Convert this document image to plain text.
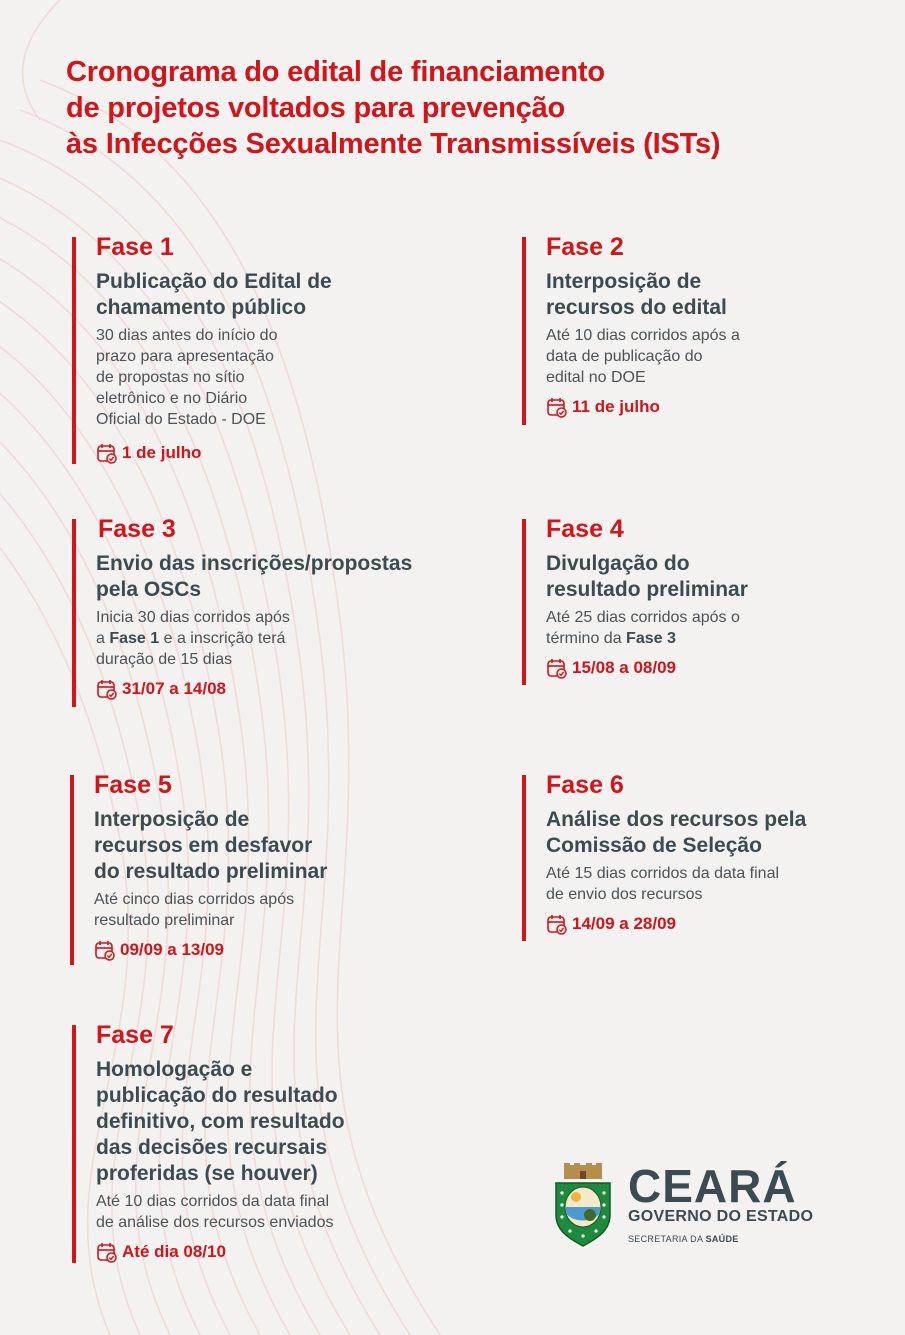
Cronograma do edital de financiamento
de projetos voltados para prevenção
às Infecções Sexualmente Transmissíveis (ISTs)
Fase 1
Publicação do Edital de
chamamento público
30 dias antes do início do
prazo para apresentação
de propostas no sítio
eletrônico e no Diário
Oficial do Estado - DOE
1 de julho
Fase 2
Interposição de
recursos do edital
Até 10 dias corridos após a
data de publicação do
edital no DOE
11 de julho
Fase 3
Envio das inscrições/propostas
pela OSCs
Inicia 30 dias corridos após
a Fase 1 e a inscrição terá
duração de 15 dias
31/07 a 14/08
Fase 4
Divulgação do
resultado preliminar
Até 25 dias corridos após o
término da Fase 3
15/08 a 08/09
Fase 5
Interposição de
recursos em desfavor
do resultado preliminar
Até cinco dias corridos após
resultado preliminar
09/09 a 13/09
Fase 6
Análise dos recursos pela
Comissão de Seleção
Até 15 dias corridos da data final
de envio dos recursos
14/09 a 28/09
Fase 7
Homologação e
publicação do resultado
definitivo, com resultado
das decisões recursais
proferidas (se houver)
Até 10 dias corridos da data final
de análise dos recursos enviados
Até dia 08/10
CEARÁ
GOVERNO DO ESTADO
SECRETARIA DA SAÚDE
